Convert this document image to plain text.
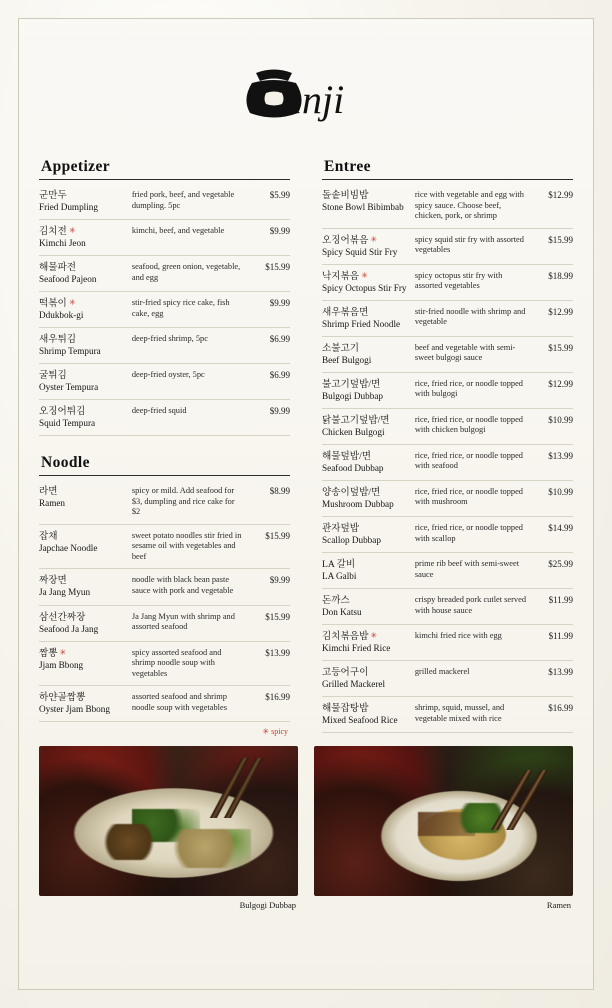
anji
Appetizer
군만두
Fried Dumpling	fried pork, beef, and vegetable dumpling. 5pc	$5.99

김치전 ✳
Kimchi Jeon	kimchi, beef, and vegetable	$9.99

해물파전
Seafood Pajeon	seafood, green onion, vegetable, and egg	$15.99

떡볶이 ✳
Ddukbok-gi	stir-fried spicy rice cake, fish cake, egg	$9.99

새우튀김
Shrimp Tempura	deep-fried shrimp, 5pc	$6.99

굴튀김
Oyster Tempura	deep-fried oyster, 5pc	$6.99

오징어튀김
Squid Tempura	deep-fried squid	$9.99
Noodle
라면
Ramen	spicy or mild. Add seafood for $3, dumpling and rice cake for $2	$8.99

잡채
Japchae Noodle	sweet potato noodles stir fried in sesame oil with vegetables and beef	$15.99

짜장면
Ja Jang Myun	noodle with black bean paste sauce with pork and vegetable	$9.99

삼선간짜장
Seafood Ja Jang	Ja Jang Myun with shrimp and assorted seafood	$15.99

짬뽕 ✳
Jjam Bbong	spicy assorted seafood and shrimp noodle soup with vegetables	$13.99

하얀골짬뽕
Oyster Jjam Bbong	assorted seafood and shrimp noodle soup with vegetables	$16.99
✳ spicy
Entree
돌솥비빔밥
Stone Bowl Bibimbab	rice with vegetable and egg with spicy sauce. Choose beef, chicken, pork, or shrimp	$12.99

오징어볶음 ✳
Spicy Squid Stir Fry	spicy squid stir fry with assorted vegetables	$15.99

낙지볶음 ✳
Spicy Octopus Stir Fry	spicy octopus stir fry with assorted vegetables	$18.99

새우볶음면
Shrimp Fried Noodle	stir-fried noodle with shrimp and vegetable	$12.99

소불고기
Beef Bulgogi	beef and vegetable with semi-sweet bulgogi sauce	$15.99

불고기덮밥/면
Bulgogi Dubbap	rice, fried rice, or noodle topped with bulgogi	$12.99

닭불고기덮밥/면
Chicken Bulgogi	rice, fried rice, or noodle topped with chicken bulgogi	$10.99

해물덮밥/면
Seafood Dubbap	rice, fried rice, or noodle topped with seafood	$13.99

양송이덮밥/면
Mushroom Dubbap	rice, fried rice, or noodle topped with mushroom	$10.99

관자덮밥
Scallop Dubbap	rice, fried rice, or noodle topped with scallop	$14.99

LA 갈비
LA Galbi	prime rib beef with semi-sweet sauce	$25.99

돈까스
Don Katsu	crispy breaded pork cutlet served with house sauce	$11.99

김치볶음밥 ✳
Kimchi Fried Rice	kimchi fried rice with egg	$11.99

고등어구이
Grilled Mackerel	grilled mackerel	$13.99

해물잡탕밥
Mixed Seafood Rice	shrimp, squid, mussel, and vegetable mixed with rice	$16.99
Bulgogi Dubbap	Ramen
